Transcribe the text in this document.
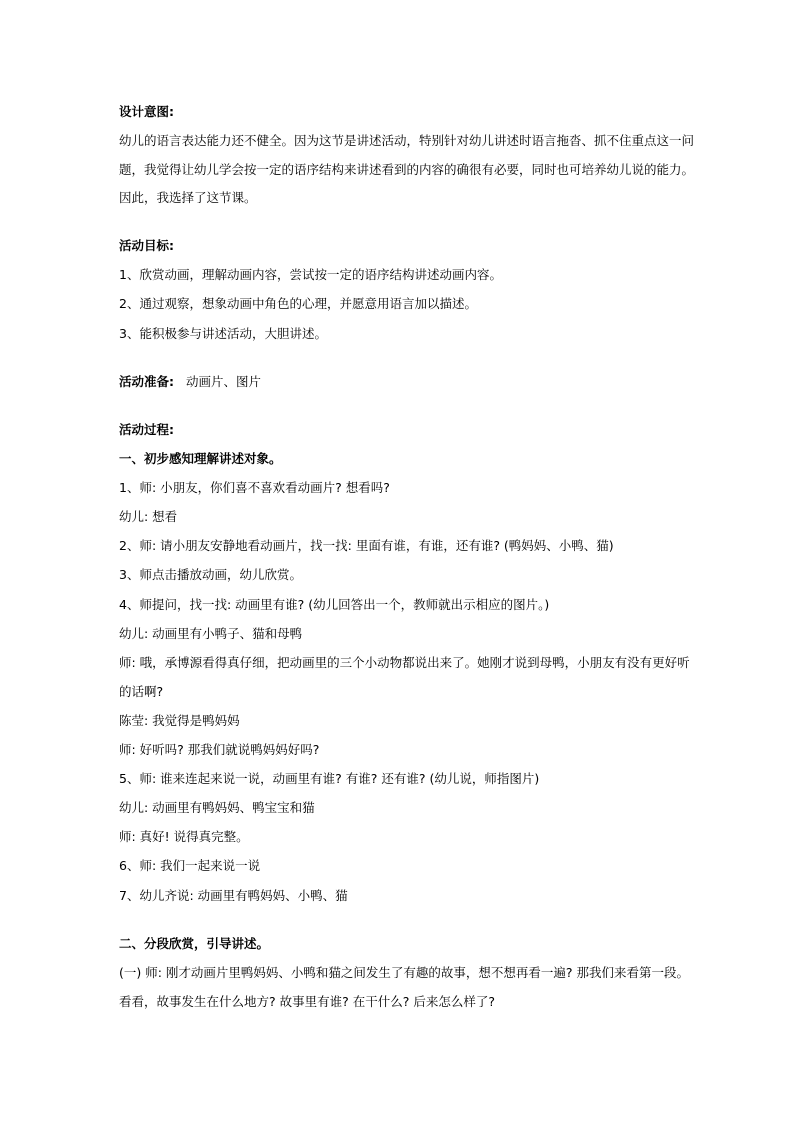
设计意图:
幼儿的语言表达能力还不健全。因为这节是讲述活动，特别针对幼儿讲述时语言拖沓、抓不住重点这一问
题，我觉得让幼儿学会按一定的语序结构来讲述看到的内容的确很有必要，同时也可培养幼儿说的能力。
因此，我选择了这节课。
活动目标:
1、欣赏动画，理解动画内容，尝试按一定的语序结构讲述动画内容。
2、通过观察，想象动画中角色的心理，并愿意用语言加以描述。
3、能积极参与讲述活动，大胆讲述。
活动准备: 动画片、图片
活动过程:
一、初步感知理解讲述对象。
1、师: 小朋友，你们喜不喜欢看动画片? 想看吗?
幼儿: 想看
2、师: 请小朋友安静地看动画片，找一找: 里面有谁，有谁，还有谁? (鸭妈妈、小鸭、猫)
3、师点击播放动画，幼儿欣赏。
4、师提问，找一找: 动画里有谁? (幼儿回答出一个，教师就出示相应的图片。)
幼儿: 动画里有小鸭子、猫和母鸭
师: 哦，承博源看得真仔细，把动画里的三个小动物都说出来了。她刚才说到母鸭，小朋友有没有更好听
的话啊?
陈莹: 我觉得是鸭妈妈
师: 好听吗? 那我们就说鸭妈妈好吗?
5、师: 谁来连起来说一说，动画里有谁? 有谁? 还有谁? (幼儿说，师指图片)
幼儿: 动画里有鸭妈妈、鸭宝宝和猫
师: 真好! 说得真完整。
6、师: 我们一起来说一说
7、幼儿齐说: 动画里有鸭妈妈、小鸭、猫
二、分段欣赏，引导讲述。
(一) 师: 刚才动画片里鸭妈妈、小鸭和猫之间发生了有趣的故事，想不想再看一遍? 那我们来看第一段。
看看，故事发生在什么地方? 故事里有谁? 在干什么? 后来怎么样了?
